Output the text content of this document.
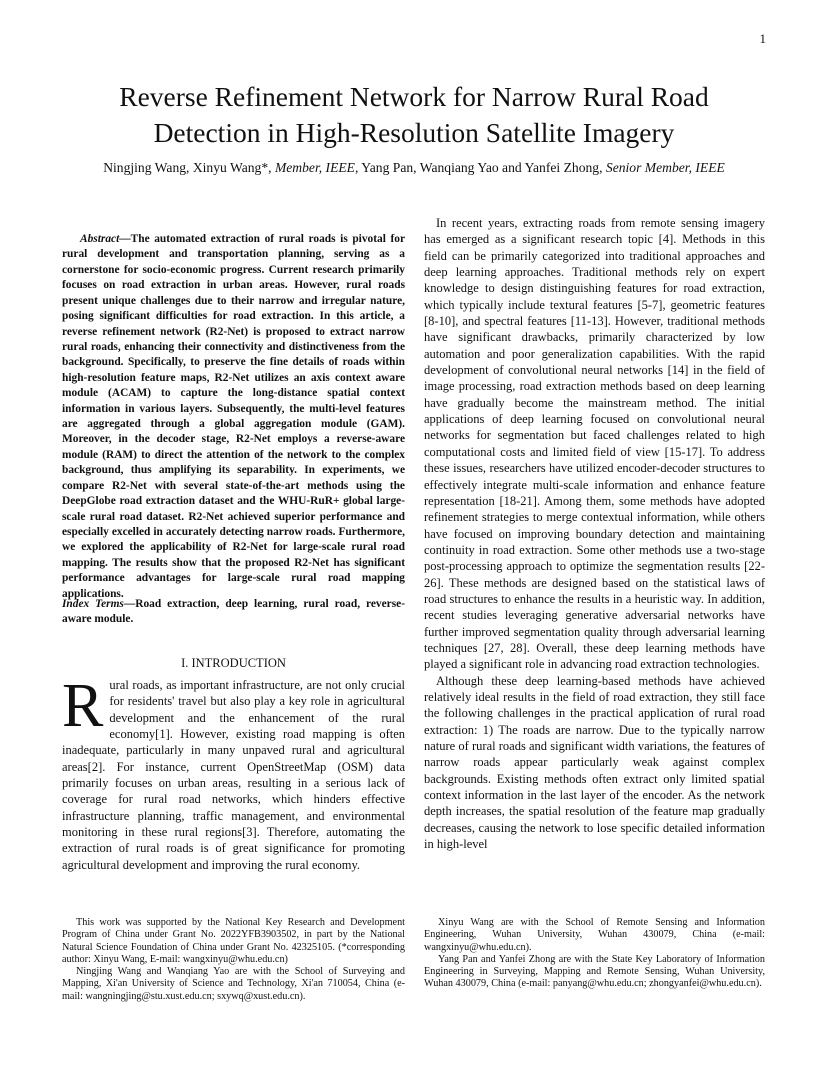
1
Reverse Refinement Network for Narrow Rural Road
Detection in High-Resolution Satellite Imagery
Ningjing Wang, Xinyu Wang*, Member, IEEE, Yang Pan, Wanqiang Yao and Yanfei Zhong, Senior Member, IEEE

Abstract—The automated extraction of rural roads is pivotal for rural development and transportation planning, serving as a cornerstone for socio-economic progress. Current research primarily focuses on road extraction in urban areas. However, rural roads present unique challenges due to their narrow and irregular nature, posing significant difficulties for road extraction. In this article, a reverse refinement network (R2-Net) is proposed to extract narrow rural roads, enhancing their connectivity and distinctiveness from the background. Specifically, to preserve the fine details of roads within high-resolution feature maps, R2-Net utilizes an axis context aware module (ACAM) to capture the long-distance spatial context information in various layers. Subsequently, the multi-level features are aggregated through a global aggregation module (GAM). Moreover, in the decoder stage, R2-Net employs a reverse-aware module (RAM) to direct the attention of the network to the complex background, thus amplifying its separability. In experiments, we compare R2-Net with several state-of-the-art methods using the DeepGlobe road extraction dataset and the WHU-RuR+ global large-scale rural road dataset. R2-Net achieved superior performance and especially excelled in accurately detecting narrow roads. Furthermore, we explored the applicability of R2-Net for large-scale rural road mapping. The results show that the proposed R2-Net has significant performance advantages for large-scale rural road mapping applications.

Index Terms—Road extraction, deep learning, rural road, reverse-aware module.

I. INTRODUCTION

Rural roads, as important infrastructure, are not only crucial for residents' travel but also play a key role in agricultural development and the enhancement of the rural economy[1]. However, existing road mapping is often inadequate, particularly in many unpaved rural and agricultural areas[2]. For instance, current OpenStreetMap (OSM) data primarily focuses on urban areas, resulting in a serious lack of coverage for rural road networks, which hinders effective infrastructure planning, traffic management, and environmental monitoring in these rural regions[3]. Therefore, automating the extraction of rural roads is of great significance for promoting agricultural development and improving the rural economy.

In recent years, extracting roads from remote sensing imagery has emerged as a significant research topic [4]. Methods in this field can be primarily categorized into traditional approaches and deep learning approaches. Traditional methods rely on expert knowledge to design distinguishing features for road extraction, which typically include textural features [5-7], geometric features [8-10], and spectral features [11-13]. However, traditional methods have significant drawbacks, primarily characterized by low automation and poor generalization capabilities. With the rapid development of convolutional neural networks [14] in the field of image processing, road extraction methods based on deep learning have gradually become the mainstream method. The initial applications of deep learning focused on convolutional neural networks for segmentation but faced challenges related to high computational costs and limited field of view [15-17]. To address these issues, researchers have utilized encoder-decoder structures to effectively integrate multi-scale information and enhance feature representation [18-21]. Among them, some methods have adopted refinement strategies to merge contextual information, while others have focused on improving boundary detection and maintaining continuity in road extraction. Some other methods use a two-stage post-processing approach to optimize the segmentation results [22-26]. These methods are designed based on the statistical laws of road structures to enhance the results in a heuristic way. In addition, recent studies leveraging generative adversarial networks have further improved segmentation quality through adversarial learning techniques [27, 28]. Overall, these deep learning methods have played a significant role in advancing road extraction technologies.

Although these deep learning-based methods have achieved relatively ideal results in the field of road extraction, they still face the following challenges in the practical application of rural road extraction: 1) The roads are narrow. Due to the typically narrow nature of rural roads and significant width variations, the features of narrow roads appear particularly weak against complex backgrounds. Existing methods often extract only limited spatial context information in the last layer of the encoder. As the network depth increases, the spatial resolution of the feature map gradually decreases, causing the network to lose specific detailed information in high-level

This work was supported by the National Key Research and Development Program of China under Grant No. 2022YFB3903502, in part by the National Natural Science Foundation of China under Grant No. 42325105. (*corresponding author: Xinyu Wang, E-mail: wangxinyu@whu.edu.cn)

Ningjing Wang and Wanqiang Yao are with the School of Surveying and Mapping, Xi'an University of Science and Technology, Xi'an 710054, China (e-mail: wangningjing@stu.xust.edu.cn; sxywq@xust.edu.cn).

Xinyu Wang are with the School of Remote Sensing and Information Engineering, Wuhan University, Wuhan 430079, China (e-mail: wangxinyu@whu.edu.cn).

Yang Pan and Yanfei Zhong are with the State Key Laboratory of Information Engineering in Surveying, Mapping and Remote Sensing, Wuhan University, Wuhan 430079, China (e-mail: panyang@whu.edu.cn; zhongyanfei@whu.edu.cn).
